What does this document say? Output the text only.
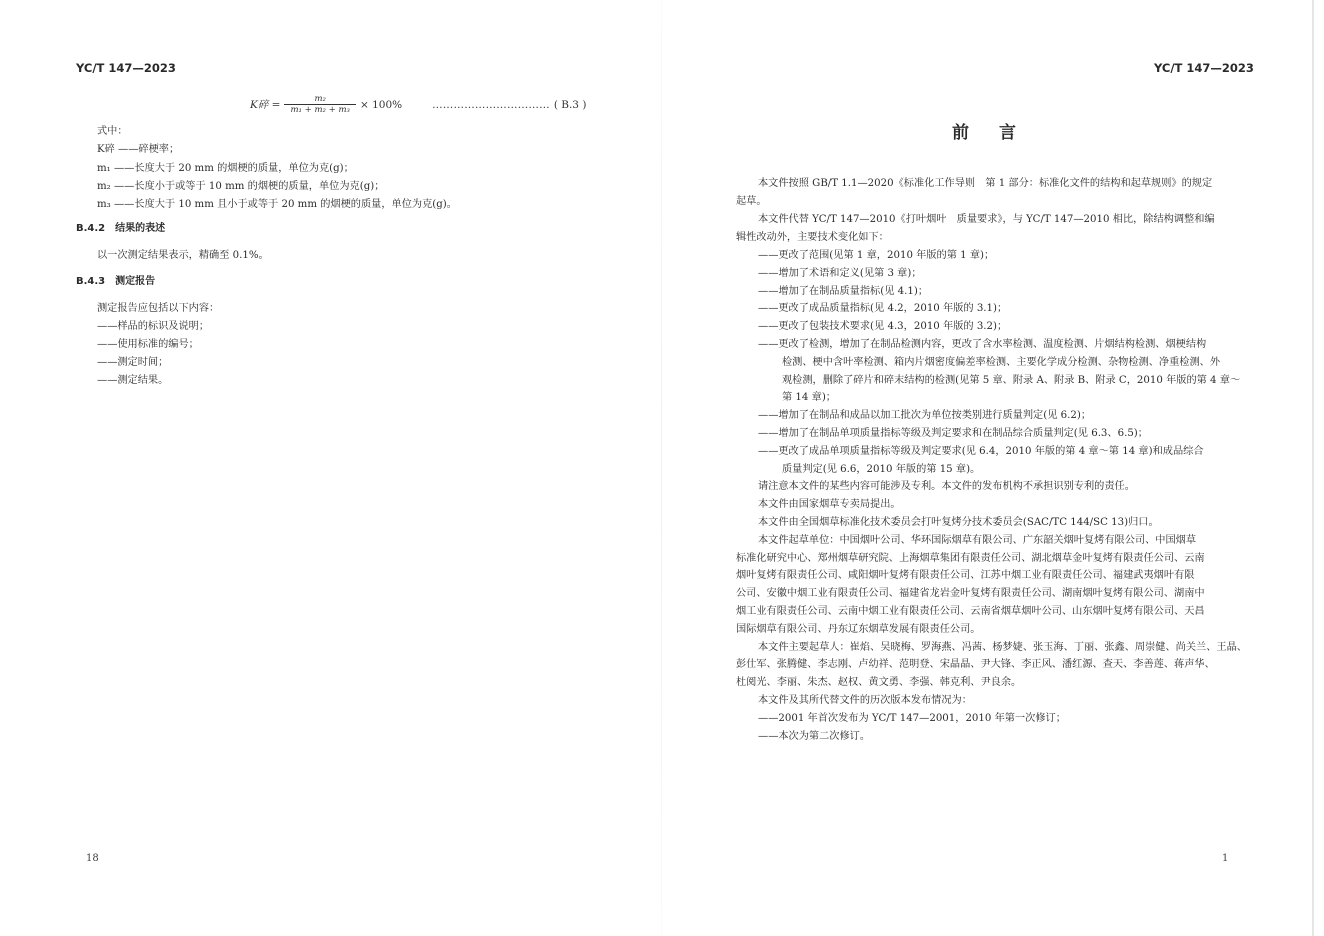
YC/T 147—2023
K碎 = $\frac{\text{m₂}}{\text{m₁ + m₂ + m₃}} \times 100\%$	…………………………… ( B.3 )
式中：
K碎 ——碎梗率；
m₁ ——长度大于 20 mm 的烟梗的质量，单位为克(g)；
m₂ ——长度小于或等于 10 mm 的烟梗的质量，单位为克(g)；
m₃ ——长度大于 10 mm 且小于或等于 20 mm 的烟梗的质量，单位为克(g)。
B.4.2　结果的表述
以一次测定结果表示，精确至 0.1%。
B.4.3　测定报告
测定报告应包括以下内容：
——样品的标识及说明；
——使用标准的编号；
——测定时间；
——测定结果。
18
YC/T 147—2023
前言
本文件按照 GB/T 1.1—2020《标准化工作导则　第 1 部分：标准化文件的结构和起草规则》的规定
起草。
本文件代替 YC/T 147—2010《打叶烟叶　质量要求》，与 YC/T 147—2010 相比，除结构调整和编
辑性改动外，主要技术变化如下：
——更改了范围(见第 1 章，2010 年版的第 1 章)；
——增加了术语和定义(见第 3 章)；
——增加了在制品质量指标(见 4.1)；
——更改了成品质量指标(见 4.2，2010 年版的 3.1)；
——更改了包装技术要求(见 4.3，2010 年版的 3.2)；
——更改了检测，增加了在制品检测内容，更改了含水率检测、温度检测、片烟结构检测、烟梗结构
检测、梗中含叶率检测、箱内片烟密度偏差率检测、主要化学成分检测、杂物检测、净重检测、外
观检测，删除了碎片和碎末结构的检测(见第 5 章、附录 A、附录 B、附录 C，2010 年版的第 4 章～
第 14 章)；
——增加了在制品和成品以加工批次为单位按类别进行质量判定(见 6.2)；
——增加了在制品单项质量指标等级及判定要求和在制品综合质量判定(见 6.3、6.5)；
——更改了成品单项质量指标等级及判定要求(见 6.4，2010 年版的第 4 章～第 14 章)和成品综合
质量判定(见 6.6，2010 年版的第 15 章)。
请注意本文件的某些内容可能涉及专利。本文件的发布机构不承担识别专利的责任。
本文件由国家烟草专卖局提出。
本文件由全国烟草标准化技术委员会打叶复烤分技术委员会(SAC/TC 144/SC 13)归口。
本文件起草单位：中国烟叶公司、华环国际烟草有限公司、广东韶关烟叶复烤有限公司、中国烟草
标准化研究中心、郑州烟草研究院、上海烟草集团有限责任公司、湖北烟草金叶复烤有限责任公司、云南
烟叶复烤有限责任公司、咸阳烟叶复烤有限责任公司、江苏中烟工业有限责任公司、福建武夷烟叶有限
公司、安徽中烟工业有限责任公司、福建省龙岩金叶复烤有限责任公司、湖南烟叶复烤有限公司、湖南中
烟工业有限责任公司、云南中烟工业有限责任公司、云南省烟草烟叶公司、山东烟叶复烤有限公司、天昌
国际烟草有限公司、丹东辽东烟草发展有限责任公司。
本文件主要起草人：崔焰、吴晓梅、罗海燕、冯茜、杨梦婕、张玉海、丁丽、张鑫、周崇健、尚关兰、王晶、
彭仕军、张腾健、李志刚、卢幼祥、范明登、宋晶晶、尹大锋、李正风、潘红源、查天、李善莲、蒋声华、
杜阅光、李丽、朱杰、赵权、黄文勇、李强、韩克利、尹良余。
本文件及其所代替文件的历次版本发布情况为：
——2001 年首次发布为 YC/T 147—2001，2010 年第一次修订；
——本次为第二次修订。
1
